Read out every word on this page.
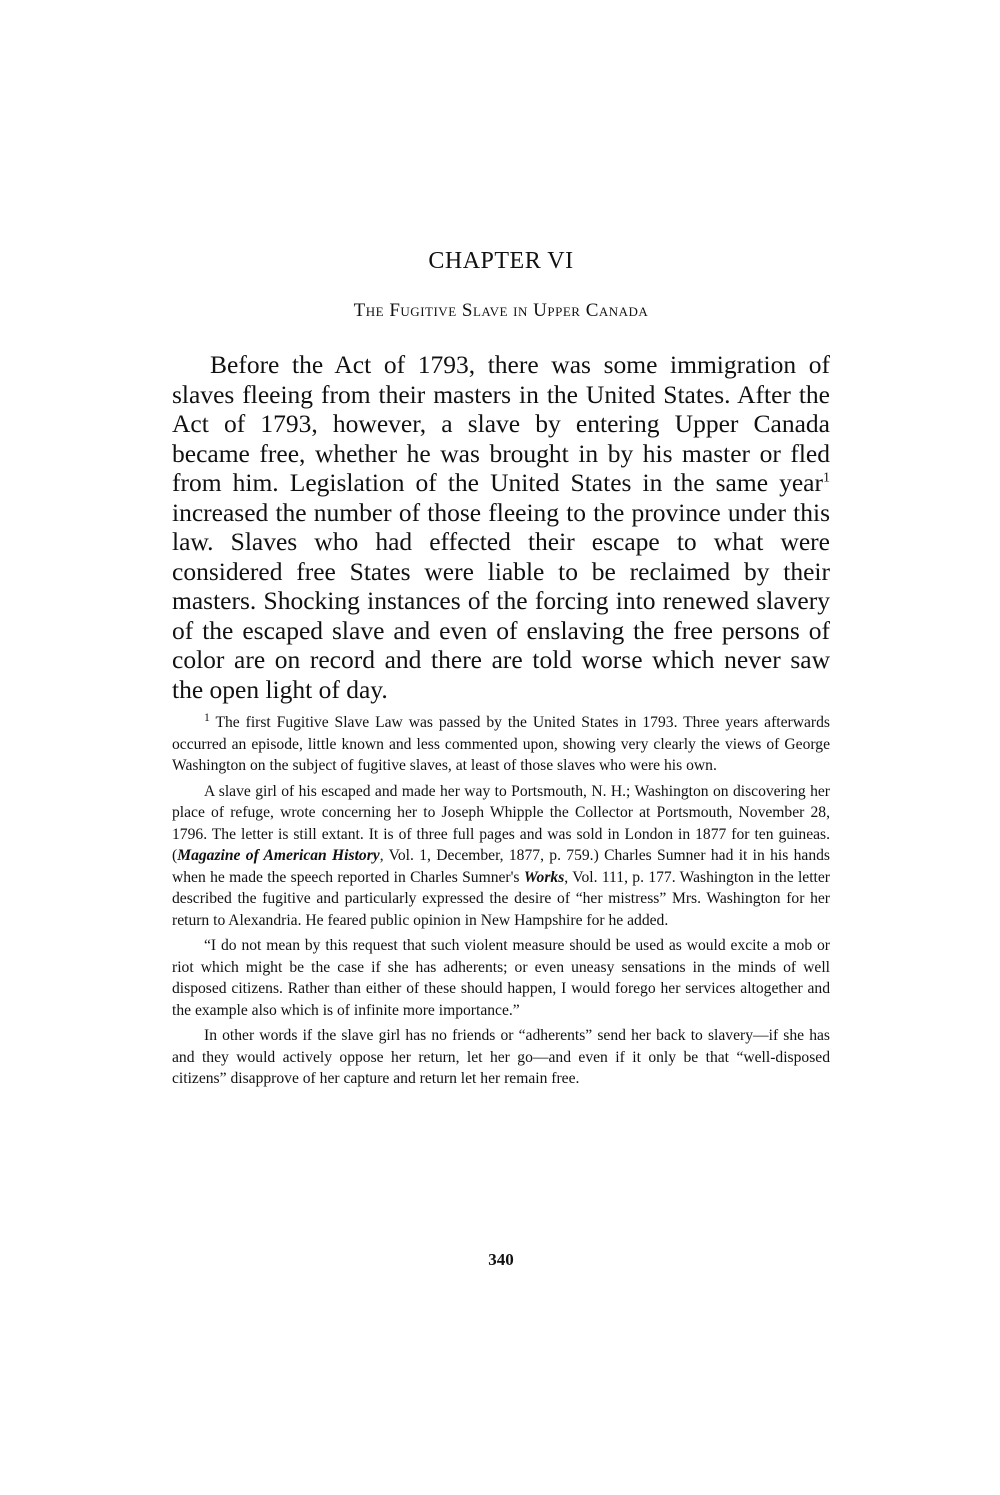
CHAPTER VI
The Fugitive Slave in Upper Canada
Before the Act of 1793, there was some immigration of slaves fleeing from their masters in the United States. After the Act of 1793, however, a slave by entering Upper Canada became free, whether he was brought in by his master or fled from him. Legislation of the United States in the same year$^1$ increased the number of those fleeing to the province under this law. Slaves who had effected their escape to what were considered free States were liable to be reclaimed by their masters. Shocking instances of the forcing into renewed slavery of the escaped slave and even of enslaving the free persons of color are on record and there are told worse which never saw the open light of day.

$^1$ The first Fugitive Slave Law was passed by the United States in 1793. Three years afterwards occurred an episode, little known and less commented upon, showing very clearly the views of George Washington on the subject of fugitive slaves, at least of those slaves who were his own.

A slave girl of his escaped and made her way to Portsmouth, N. H.; Washington on discovering her place of refuge, wrote concerning her to Joseph Whipple the Collector at Portsmouth, November 28, 1796. The letter is still extant. It is of three full pages and was sold in London in 1877 for ten guineas. (Magazine of American History, Vol. 1, December, 1877, p. 759.) Charles Sumner had it in his hands when he made the speech reported in Charles Sumner's Works, Vol. 111, p. 177. Washington in the letter described the fugitive and particularly expressed the desire of “her mistress” Mrs. Washington for her return to Alexandria. He feared public opinion in New Hampshire for he added.

“I do not mean by this request that such violent measure should be used as would excite a mob or riot which might be the case if she has adherents; or even uneasy sensations in the minds of well disposed citizens. Rather than either of these should happen, I would forego her services altogether and the example also which is of infinite more importance.”

In other words if the slave girl has no friends or “adherents” send her back to slavery—if she has and they would actively oppose her return, let her go—and even if it only be that “well-disposed citizens” disapprove of her capture and return let her remain free.

340
